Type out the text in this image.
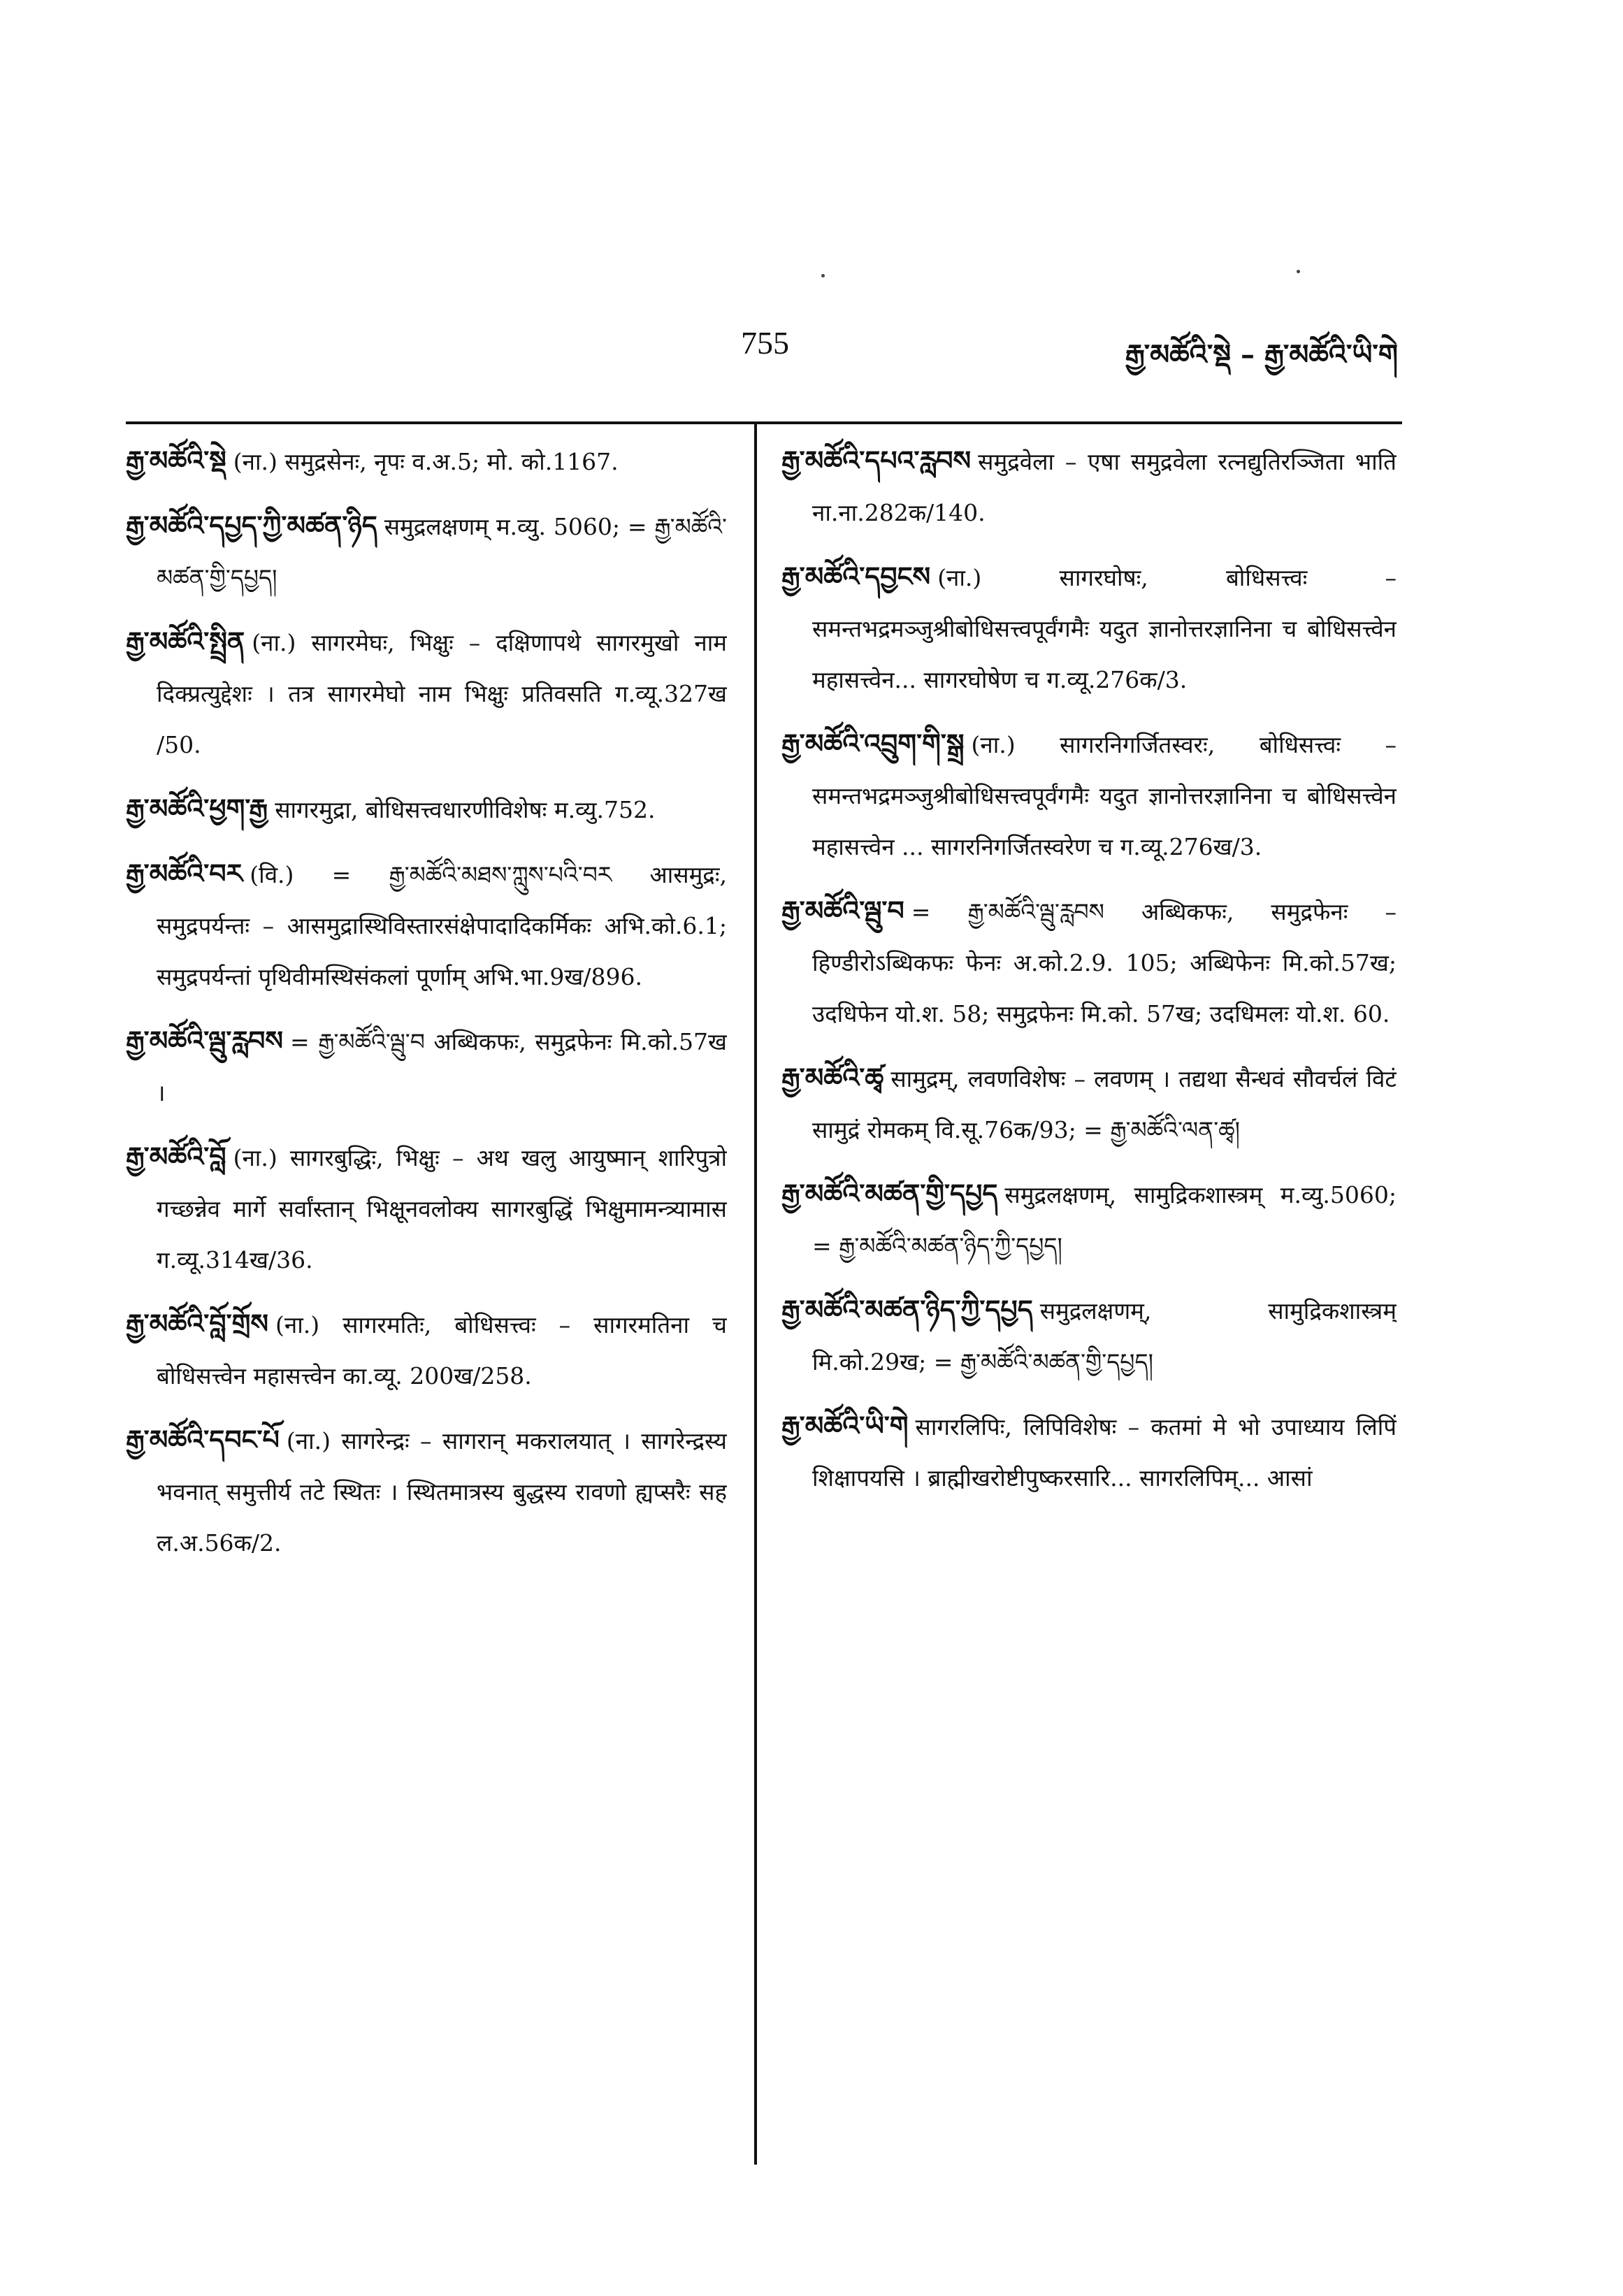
755	རྒྱ་མཚོའི་སྡེ – རྒྱ་མཚོའི་ཡི་གེ

རྒྱ་མཚོའི་སྡེ (ना.) समुद्रसेनः, नृपः व.अ.5; मो. को.1167.

རྒྱ་མཚོའི་དཔྱད་ཀྱི་མཚན་ཉིད समुद्रलक्षणम् म.व्यु. 5060; = རྒྱ་མཚོའི་མཚན་གྱི་དཔྱད།

རྒྱ་མཚོའི་སྤྲིན (ना.) सागरमेघः, भिक्षुः – दक्षिणापथे सागरमुखो नाम दिक्प्रत्युद्देशः । तत्र सागरमेघो नाम भिक्षुः प्रतिवसति ग.व्यू.327ख /50.

རྒྱ་མཚོའི་ཕྱག་རྒྱ सागरमुद्रा, बोधिसत्त्वधारणीविशेषः म.व्यु.752.

རྒྱ་མཚོའི་བར (वि.) = རྒྱ་མཚོའི་མཐས་ཀླུས་པའི་བར आसमुद्रः, समुद्रपर्यन्तः – आसमुद्रास्थिविस्तारसंक्षेपादादिकर्मिकः अभि.को.6.1; समुद्रपर्यन्तां पृथिवीमस्थिसंकलां पूर्णाम् अभि.भा.9ख/896.

རྒྱ་མཚོའི་ལྦུ་རླབས = རྒྱ་མཚོའི་ལྦུ་བ अब्धिकफः, समुद्रफेनः मि.को.57ख ।

རྒྱ་མཚོའི་བློ (ना.) सागरबुद्धिः, भिक्षुः – अथ खलु आयुष्मान् शारिपुत्रो गच्छन्नेव मार्गे सर्वांस्तान् भिक्षूनवलोक्य सागरबुद्धिं भिक्षुमामन्त्र्यामास ग.व्यू.314ख/36.

རྒྱ་མཚོའི་བློ་གྲོས (ना.) सागरमतिः, बोधिसत्त्वः – सागरमतिना च बोधिसत्त्वेन महासत्त्वेन का.व्यू. 200ख/258.

རྒྱ་མཚོའི་དབང་པོ (ना.) सागरेन्द्रः – सागरान् मकरालयात् । सागरेन्द्रस्य भवनात् समुत्तीर्य तटे स्थितः । स्थितमात्रस्य बुद्धस्य रावणो ह्यप्सरैः सह ल.अ.56क/2.

རྒྱ་མཚོའི་དཔའ་རླབས समुद्रवेला – एषा समुद्रवेला रत्नद्युतिरञ्जिता भाति ना.ना.282क/140.

རྒྱ་མཚོའི་དབྱངས (ना.) सागरघोषः, बोधिसत्त्वः – समन्तभद्रमञ्जुश्रीबोधिसत्त्वपूर्वंगमैः यदुत ज्ञानोत्तरज्ञानिना च बोधिसत्त्वेन महासत्त्वेन... सागरघोषेण च ग.व्यू.276क/3.

རྒྱ་མཚོའི་འབྲུག་གི་སྒྲ (ना.) सागरनिगर्जितस्वरः, बोधिसत्त्वः – समन्तभद्रमञ्जुश्रीबोधिसत्त्वपूर्वंगमैः यदुत ज्ञानोत्तरज्ञानिना च बोधिसत्त्वेन महासत्त्वेन ... सागरनिगर्जितस्वरेण च ग.व्यू.276ख/3.

རྒྱ་མཚོའི་ལྦུ་བ = རྒྱ་མཚོའི་ལྦུ་རླབས अब्धिकफः, समुद्रफेनः – हिण्डीरोऽब्धिकफः फेनः अ.को.2.9. 105; अब्धिफेनः मि.को.57ख; उदधिफेन यो.श. 58; समुद्रफेनः मि.को. 57ख; उदधिमलः यो.श. 60.

རྒྱ་མཚོའི་ཚྭ सामुद्रम्, लवणविशेषः – लवणम् । तद्यथा सैन्धवं सौवर्चलं विटं सामुद्रं रोमकम् वि.सू.76क/93; = རྒྱ་མཚོའི་ལན་ཚྭ།

རྒྱ་མཚོའི་མཚན་གྱི་དཔྱད समुद्रलक्षणम्, सामुद्रिकशास्त्रम् म.व्यु.5060; = རྒྱ་མཚོའི་མཚན་ཉིད་ཀྱི་དཔྱད།

རྒྱ་མཚོའི་མཚན་ཉིད་ཀྱི་དཔྱད समुद्रलक्षणम्, सामुद्रिकशास्त्रम् मि.को.29ख; = རྒྱ་མཚོའི་མཚན་གྱི་དཔྱད།

རྒྱ་མཚོའི་ཡི་གེ सागरलिपिः, लिपिविशेषः – कतमां मे भो उपाध्याय लिपिं शिक्षापयसि । ब्राह्मीखरोष्टीपुष्करसारि... सागरलिपिम्... आसां
